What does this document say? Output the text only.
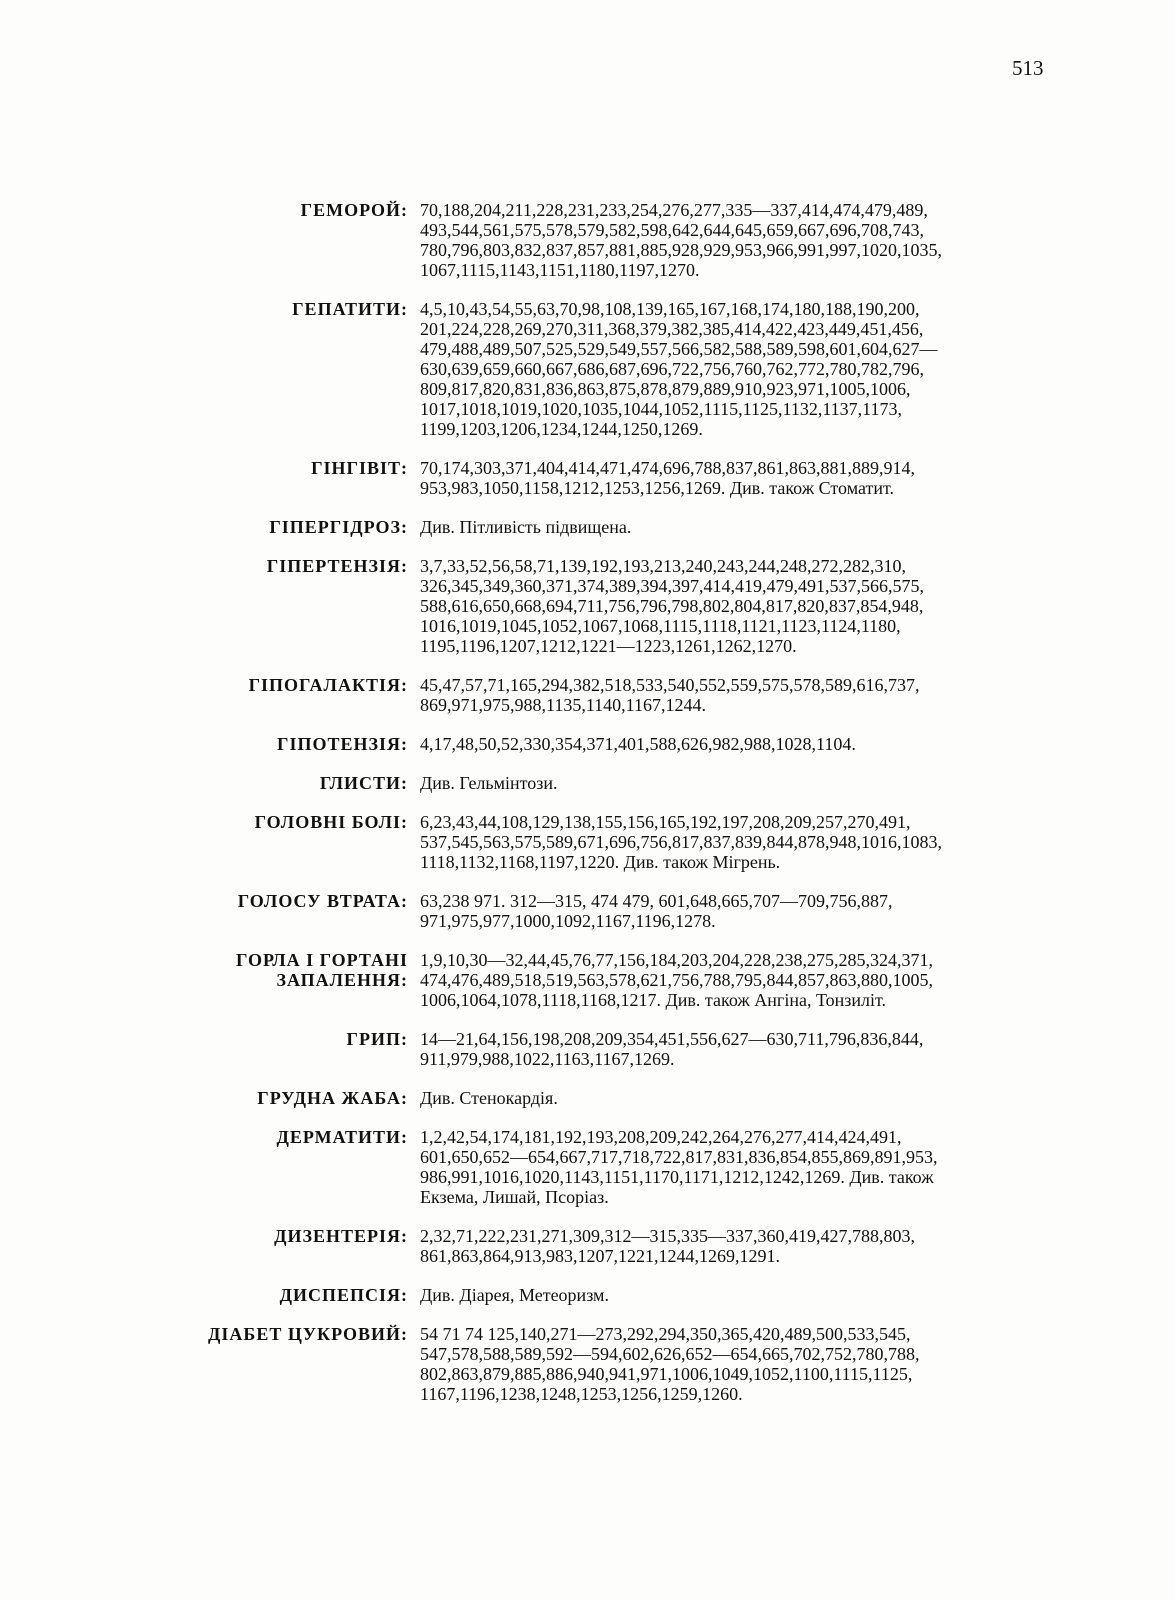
513
ГЕМОРОЙ: 70,188,204,211,228,231,233,254,276,277,335—337,414,474,479,489,
493,544,561,575,578,579,582,598,642,644,645,659,667,696,708,743,
780,796,803,832,837,857,881,885,928,929,953,966,991,997,1020,1035,
1067,1115,1143,1151,1180,1197,1270.
ГЕПАТИТИ: 4,5,10,43,54,55,63,70,98,108,139,165,167,168,174,180,188,190,200,
201,224,228,269,270,311,368,379,382,385,414,422,423,449,451,456,
479,488,489,507,525,529,549,557,566,582,588,589,598,601,604,627—
630,639,659,660,667,686,687,696,722,756,760,762,772,780,782,796,
809,817,820,831,836,863,875,878,879,889,910,923,971,1005,1006,
1017,1018,1019,1020,1035,1044,1052,1115,1125,1132,1137,1173,
1199,1203,1206,1234,1244,1250,1269.
ГІНГІВІТ: 70,174,303,371,404,414,471,474,696,788,837,861,863,881,889,914,
953,983,1050,1158,1212,1253,1256,1269. Див. також Стоматит.
ГІПЕРГІДРОЗ: Див. Пітливість підвищена.
ГІПЕРТЕНЗІЯ: 3,7,33,52,56,58,71,139,192,193,213,240,243,244,248,272,282,310,
326,345,349,360,371,374,389,394,397,414,419,479,491,537,566,575,
588,616,650,668,694,711,756,796,798,802,804,817,820,837,854,948,
1016,1019,1045,1052,1067,1068,1115,1118,1121,1123,1124,1180,
1195,1196,1207,1212,1221—1223,1261,1262,1270.
ГІПОГАЛАКТІЯ: 45,47,57,71,165,294,382,518,533,540,552,559,575,578,589,616,737,
869,971,975,988,1135,1140,1167,1244.
ГІПОТЕНЗІЯ: 4,17,48,50,52,330,354,371,401,588,626,982,988,1028,1104.
ГЛИСТИ: Див. Гельмінтози.
ГОЛОВНІ БОЛІ: 6,23,43,44,108,129,138,155,156,165,192,197,208,209,257,270,491,
537,545,563,575,589,671,696,756,817,837,839,844,878,948,1016,1083,
1118,1132,1168,1197,1220. Див. також Мігрень.
ГОЛОСУ ВТРАТА: 63,238 971. 312—315, 474 479, 601,648,665,707—709,756,887,
971,975,977,1000,1092,1167,1196,1278.
ГОРЛА І ГОРТАНІ
ЗАПАЛЕННЯ:
1,9,10,30—32,44,45,76,77,156,184,203,204,228,238,275,285,324,371,
474,476,489,518,519,563,578,621,756,788,795,844,857,863,880,1005,
1006,1064,1078,1118,1168,1217. Див. також Ангіна, Тонзиліт.
ГРИП: 14—21,64,156,198,208,209,354,451,556,627—630,711,796,836,844,
911,979,988,1022,1163,1167,1269.
ГРУДНА ЖАБА: Див. Стенокардія.
ДЕРМАТИТИ: 1,2,42,54,174,181,192,193,208,209,242,264,276,277,414,424,491,
601,650,652—654,667,717,718,722,817,831,836,854,855,869,891,953,
986,991,1016,1020,1143,1151,1170,1171,1212,1242,1269. Див. також
Екзема, Лишай, Псоріаз.
ДИЗЕНТЕРІЯ: 2,32,71,222,231,271,309,312—315,335—337,360,419,427,788,803,
861,863,864,913,983,1207,1221,1244,1269,1291.
ДИСПЕПСІЯ: Див. Діарея, Метеоризм.
ДІАБЕТ ЦУКРОВИЙ: 54 71 74 125,140,271—273,292,294,350,365,420,489,500,533,545,
547,578,588,589,592—594,602,626,652—654,665,702,752,780,788,
802,863,879,885,886,940,941,971,1006,1049,1052,1100,1115,1125,
1167,1196,1238,1248,1253,1256,1259,1260.
